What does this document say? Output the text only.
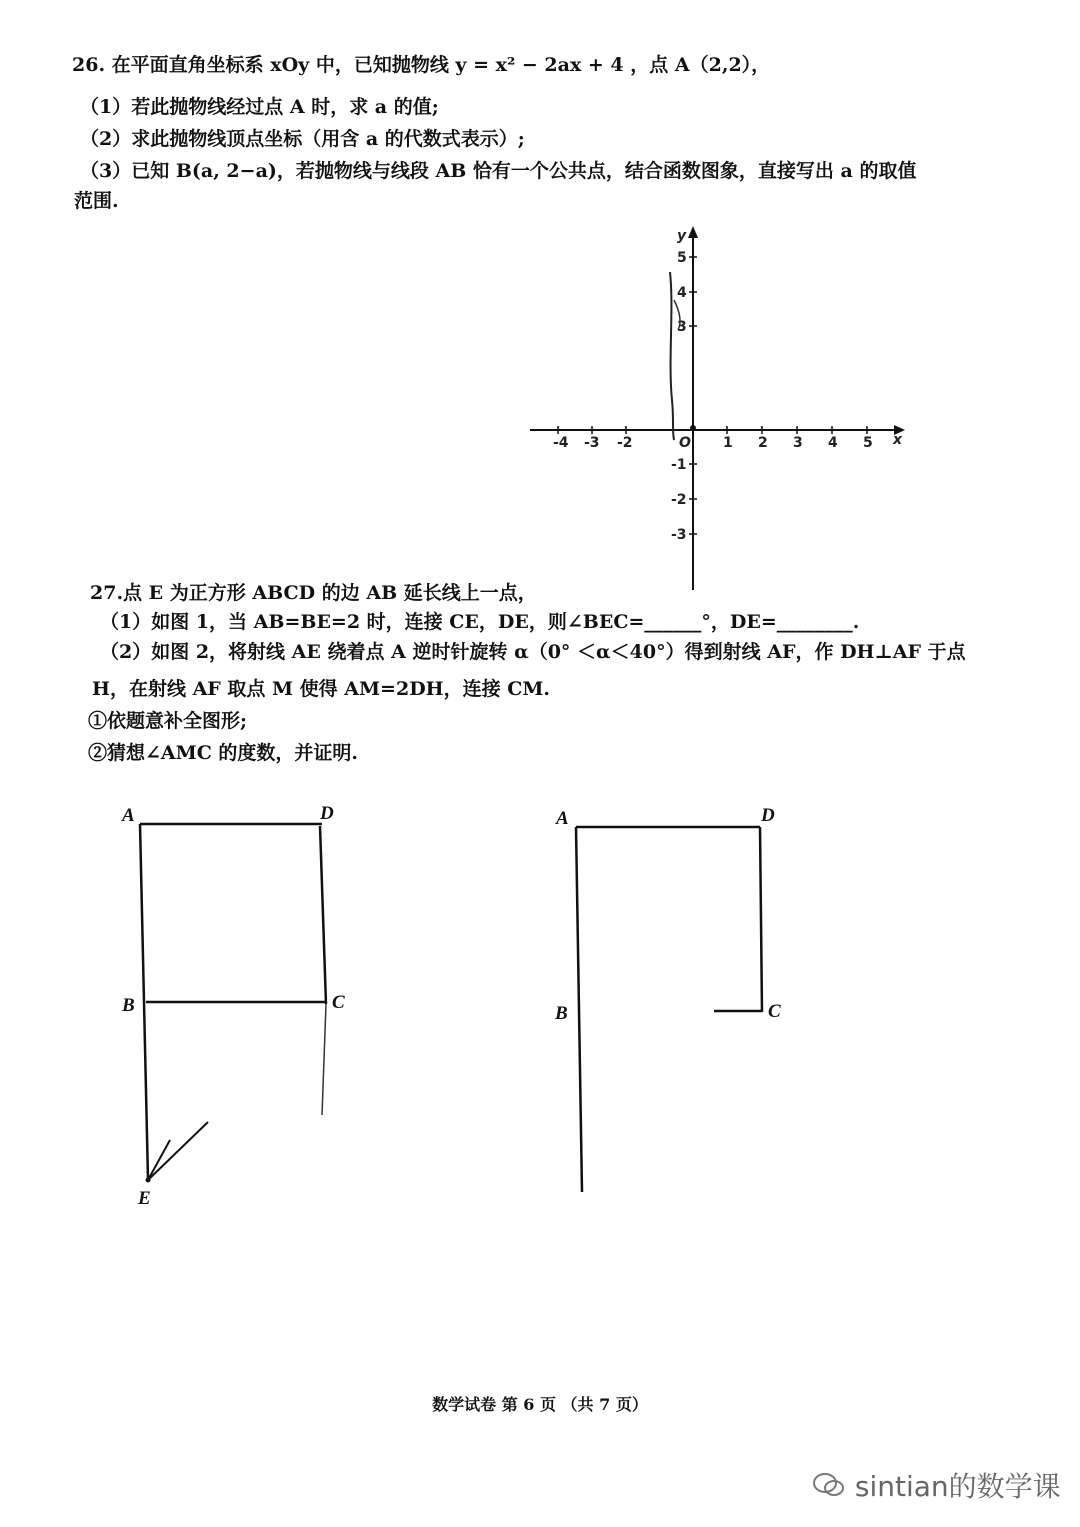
26. 在平面直角坐标系 xOy 中，已知抛物线 y = x² − 2ax + 4 ，点 A（2,2），
（1）若此抛物线经过点 A 时，求 a 的值;
（2）求此抛物线顶点坐标（用含 a 的代数式表示）;
（3）已知 B(a, 2−a)，若抛物线与线段 AB 恰有一个公共点，结合函数图象，直接写出 a 的取值
范围.
-4 -3 -2	1 2 3 4 5
O	x
y
5
4
3
-1
-2
-3
A	D
B	C
E
A	D
B	C
27.点 E 为正方形 ABCD 的边 AB 延长线上一点，
（1）如图 1，当 AB=BE=2 时，连接 CE，DE，则∠BEC=______°，DE=________.
（2）如图 2，将射线 AE 绕着点 A 逆时针旋转 α（0° ＜α＜40°）得到射线 AF，作 DH⊥AF 于点
H，在射线 AF 取点 M 使得 AM=2DH，连接 CM.
①依题意补全图形;
②猜想∠AMC 的度数，并证明.
数学试卷 第 6 页 （共 7 页）
sintian的数学课
